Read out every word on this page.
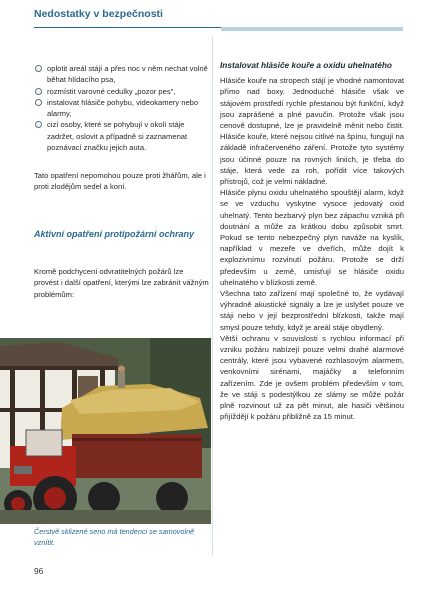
Nedostatky v bezpečnosti
oplotit areál stájí a přes noc v něm nechat volně běhat hlídacího psa,
rozmístit varovné cedulky „pozor pes",
instalovat hlásiče pohybu, videokamery nebo alarmy,
cizí osoby, které se pohybují v okolí stáje zadržet, oslovit a případně si zaznamenat poznávací značku jejich auta.

Tato opatření nepomohou pouze proti žhářům, ale i proti zlodějům sedel a koní.

Aktivní opatření protipožární ochrany

Kromě podchycení odvratitelných požárů lze provést i další opatření, kterými lze zabránit vážným problémům:

Čerstvě sklizené seno má tendenci se samovolně vznítit.

96
Instalovat hlásiče kouře a oxidu uhelnatého

Hlásiče kouře na stropech stájí je vhodné namontovat přímo nad boxy. Jednoduché hlásiče však ve stájovém prostředí rychle přestanou být funkční, když jsou zaprášené a plné pavučin. Protože však jsou cenově dostupné, lze je pravidelně měnit nebo čistit. Hlásiče kouře, které nejsou citlivé na špínu, fungují na základě infračerveného záření. Protože tyto systémy jsou účinné pouze na rovných liniích, je třeba do stáje, která vede za roh, pořídit více takových přístrojů, což je velmi nákladné.

Hlásiče plynu oxidu uhelnatého spouštějí alarm, když se ve vzduchu vyskytne vysoce jedovatý oxid uhelnatý. Tento bezbarvý plyn bez zápachu vzniká při doutnání a může za krátkou dobu způsobit smrt. Pokud se tento nebezpečný plyn naváže na kyslík, například v mezeře ve dveřích, může dojít k explozivnímu rozvinutí požáru. Protože se drží především u země, umisťují se hlásiče oxidu uhelnatého v blízkosti země.

Všechna tato zařízení mají společné to, že vydávají výhradně akustické signály a lze je uslyšet pouze ve stáji nebo v její bezprostřední blízkosti, takže mají smysl pouze tehdy, když je areál stáje obydlený.

Větší ochranu v souvislosti s rychlou informací při vzniku požáru nabízejí pouze velmi drahé alarmové centrály, které jsou vybavené rozhlasovým alarmem, venkovními sirénami, majáčky a telefonním zařízením. Zde je ovšem problém především v tom, že ve stáji s podestýlkou ze slámy se může požár plně rozvinout už za pět minut, ale hasiči většinou přijíždějí k požáru přibližně za 15 minut.
